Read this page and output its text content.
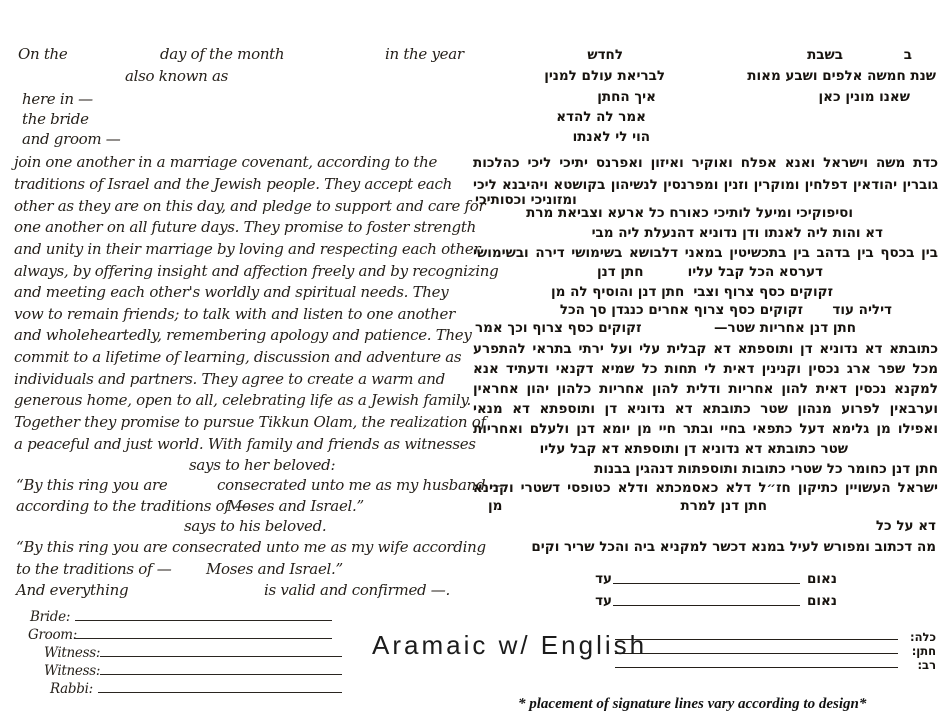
On the	day of the month	in the year
also known as
here in —
the bride
and groom —
join one another in a marriage covenant, according to the
traditions of Israel and the Jewish people. They accept each
other as they are on this day, and pledge to support and care for
one another on all future days. They promise to foster strength
and unity in their marriage by loving and respecting each other
always, by offering insight and affection freely and by recognizing
and meeting each other's worldly and spiritual needs. They
vow to remain friends; to talk with and listen to one another
and wholeheartedly, remembering apology and patience. They
commit to a lifetime of learning, discussion and adventure as
individuals and partners. They agree to create a warm and
generous home, open to all, celebrating life as a Jewish family.
Together they promise to pursue Tikkun Olam, the realization of
a peaceful and just world. With family and friends as witnesses
says to her beloved:
“By this ring you are	consecrated unto me as my husband —
according to the traditions of —
Moses and Israel.”
says to his beloved.
“By this ring you are consecrated unto me as my wife according
to the traditions of — Moses and Israel.”
And everything	is valid and confirmed —.
Bride:
Groom:
Witness:
Witness:
Rabbi:
ב
בשבת
לחדש
שנת חמשה אלפים ושבע מאות
לבריאת עולם למנין
שאנו מונין כאן
איך החתן
אמר לה להדא
הוי לי לאנתו
כדת משה וישראל ואנא אפלח ואוקיר ואיזון ואפרנס יתיכי ליכי כהלכות
גוברין יהודאין דפלחין ומוקרין וזנין ומפרנסין לנשיהון בקושטא ויהיבנא ליכי
ומזוניכי וכסותיכי
וסיפוקיכי ומיעל לותיכי כאורח כל ארעא וצביאת מרת
דא והות ליה לאנתו ודן נדוניא דהנעלת ליה מבי
בין בכסף בין בדהב בין בתכשיטין במאני דלבושא בשימושי דירה ובשימושי
דערסא הכל קבל עליו
חתן דנן
זקוקים כסף צרוף וצבי
חתן דנן והוסיף לה מן
דיליה עוד
זקוקים כסף צרוף אחרים כנגדן סך הכל
חתן דנן אחריות שטר—
זקוקים כסף צרוף וכך אמר
כתובתא דא נדוניא דן ותוספתא דא קבלית עלי ועל ירתי בתראי להתפרע
מכל שפר ארג נכסין וקנינין דאית לי תחות כל שמיא דקנאי ודעתיד אנא
למקנא נכסין דאית להון אחריות ודלית להון אחריות כלהון יהון אחראין
וערבאין לפרוע מנהון שטר כתובתא דא נדוניא דן ותוספתא דא מנאי
ואפילו מן גלימא דעל כתפאי בחיי ובתר חיי מן יומא דנן ולעלם ואחריות
שטר כתובתא דא נדוניא דן ותוספתא דא קבל עליו
חתן דנן כחומר כל שטרי כתובות ותוספתות דנהגין בבנות
ישראל העשויין כתיקון חז״ל דלא כאסמכתא ודלא כטופסי דשטרי וקנינא
חתן דנן למרת
מן
דא על כל
מה דכתוב ומפורש לעיל במנא דכשר למקניא ביה והכל שריר וקים
נאום
עד
נאום
עד
כלה:
חתן:
רב:
Aramaic w/ English
* placement of signature lines vary according to design*
